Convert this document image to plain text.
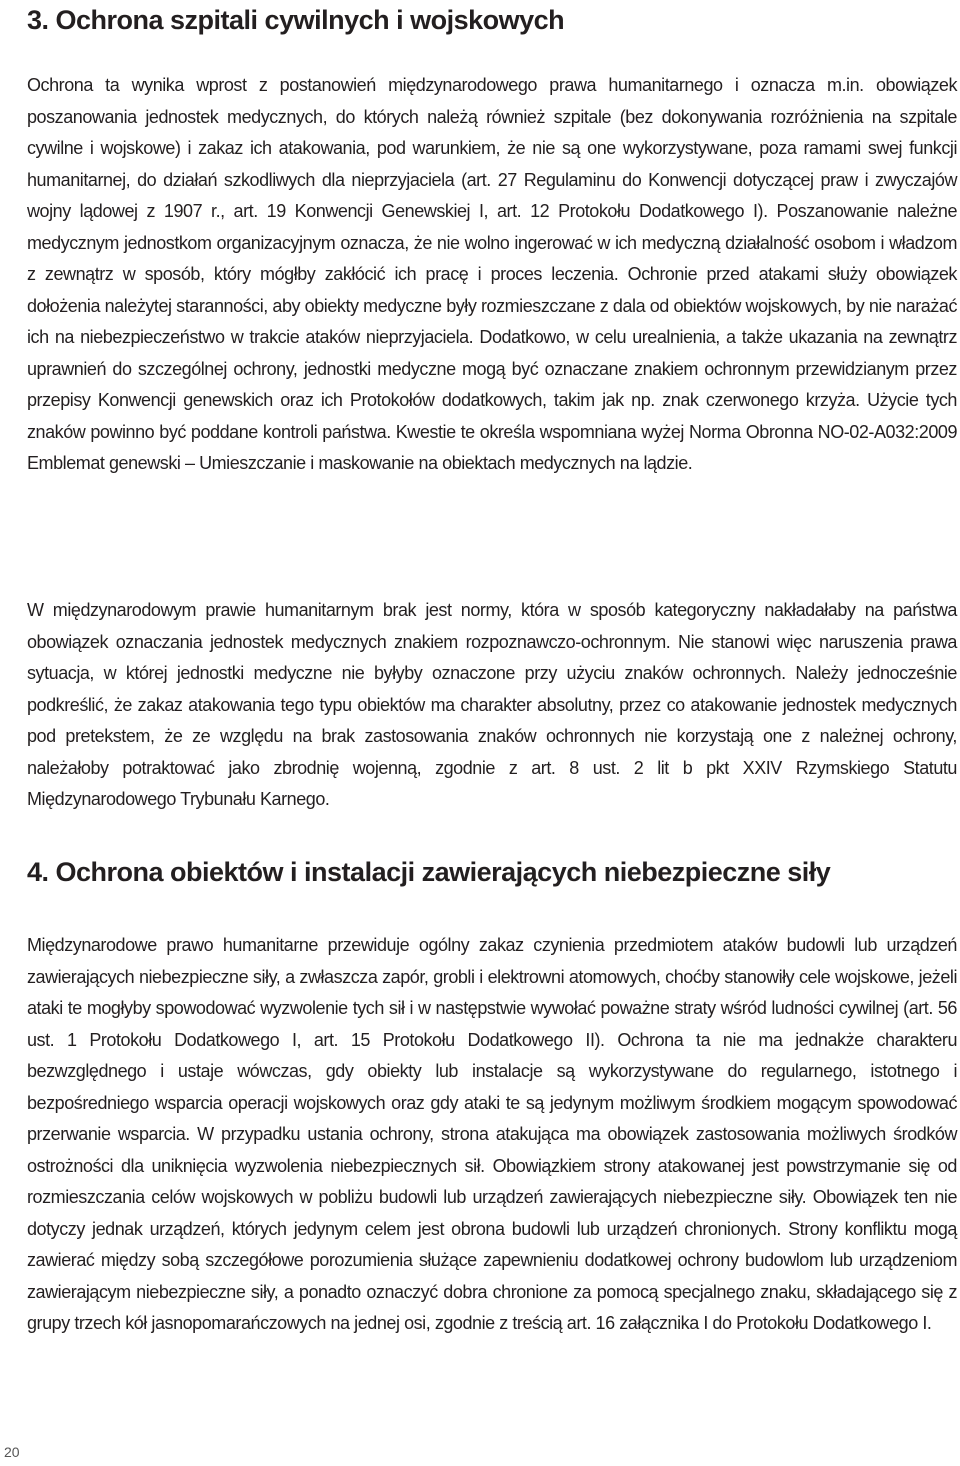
3. Ochrona szpitali cywilnych i wojskowych

Ochrona ta wynika wprost z postanowień międzynarodowego prawa humanitarnego i oznacza m.in. obowiązek poszanowania jednostek medycznych, do których należą również szpitale (bez dokonywania rozróżnienia na szpitale cywilne i wojskowe) i zakaz ich atakowania, pod warunkiem, że nie są one wykorzystywane, poza ramami swej funkcji humanitarnej, do działań szkodliwych dla nieprzyjaciela (art. 27 Regulaminu do Konwencji dotyczącej praw i zwyczajów wojny lądowej z 1907 r., art. 19 Konwencji Genewskiej I, art. 12 Protokołu Dodatkowego I). Poszanowanie należne medycznym jednostkom organizacyjnym oznacza, że nie wolno ingerować w ich medyczną działalność osobom i władzom z zewnątrz w sposób, który mógłby zakłócić ich pracę i proces leczenia. Ochronie przed atakami służy obowiązek dołożenia należytej staranności, aby obiekty medyczne były rozmieszczane z dala od obiektów wojskowych, by nie narażać ich na niebezpieczeństwo w trakcie ataków nieprzyjaciela. Dodatkowo, w celu urealnienia, a także ukazania na zewnątrz uprawnień do szczególnej ochrony, jednostki medyczne mogą być oznaczane znakiem ochronnym przewidzianym przez przepisy Konwencji genewskich oraz ich Protokołów dodatkowych, takim jak np. znak czerwonego krzyża. Użycie tych znaków powinno być poddane kontroli państwa. Kwestie te określa wspomniana wyżej Norma Obronna NO-02-A032:2009 Emblemat genewski – Umieszczanie i maskowanie na obiektach medycznych na lądzie.

W międzynarodowym prawie humanitarnym brak jest normy, która w sposób kategoryczny nakładałaby na państwa obowiązek oznaczania jednostek medycznych znakiem rozpoznawczo-ochronnym. Nie stanowi więc naruszenia prawa sytuacja, w której jednostki medyczne nie byłyby oznaczone przy użyciu znaków ochronnych. Należy jednocześnie podkreślić, że zakaz atakowania tego typu obiektów ma charakter absolutny, przez co atakowanie jednostek medycznych pod pretekstem, że ze względu na brak zastosowania znaków ochronnych nie korzystają one z należnej ochrony, należałoby potraktować jako zbrodnię wojenną, zgodnie z art. 8 ust. 2 lit b pkt XXIV Rzymskiego Statutu Międzynarodowego Trybunału Karnego.

4. Ochrona obiektów i instalacji zawierających niebezpieczne siły

Międzynarodowe prawo humanitarne przewiduje ogólny zakaz czynienia przedmiotem ataków budowli lub urządzeń zawierających niebezpieczne siły, a zwłaszcza zapór, grobli i elektrowni atomowych, choćby stanowiły cele wojskowe, jeżeli ataki te mogłyby spowodować wyzwolenie tych sił i w następstwie wywołać poważne straty wśród ludności cywilnej (art. 56 ust. 1 Protokołu Dodatkowego I, art. 15 Protokołu Dodatkowego II). Ochrona ta nie ma jednakże charakteru bezwzględnego i ustaje wówczas, gdy obiekty lub instalacje są wykorzystywane do regularnego, istotnego i bezpośredniego wsparcia operacji wojskowych oraz gdy ataki te są jedynym możliwym środkiem mogącym spowodować przerwanie wsparcia. W przypadku ustania ochrony, strona atakująca ma obowiązek zastosowania możliwych środków ostrożności dla uniknięcia wyzwolenia niebezpiecznych sił. Obowiązkiem strony atakowanej jest powstrzymanie się od rozmieszczania celów wojskowych w pobliżu budowli lub urządzeń zawierających niebezpieczne siły. Obowiązek ten nie dotyczy jednak urządzeń, których jedynym celem jest obrona budowli lub urządzeń chronionych. Strony konfliktu mogą zawierać między sobą szczegółowe porozumienia służące zapewnieniu dodatkowej ochrony budowlom lub urządzeniom zawierającym niebezpieczne siły, a ponadto oznaczyć dobra chronione za pomocą specjalnego znaku, składającego się z grupy trzech kół jasnopomarańczowych na jednej osi, zgodnie z treścią art. 16 załącznika I do Protokołu Dodatkowego I.

20
